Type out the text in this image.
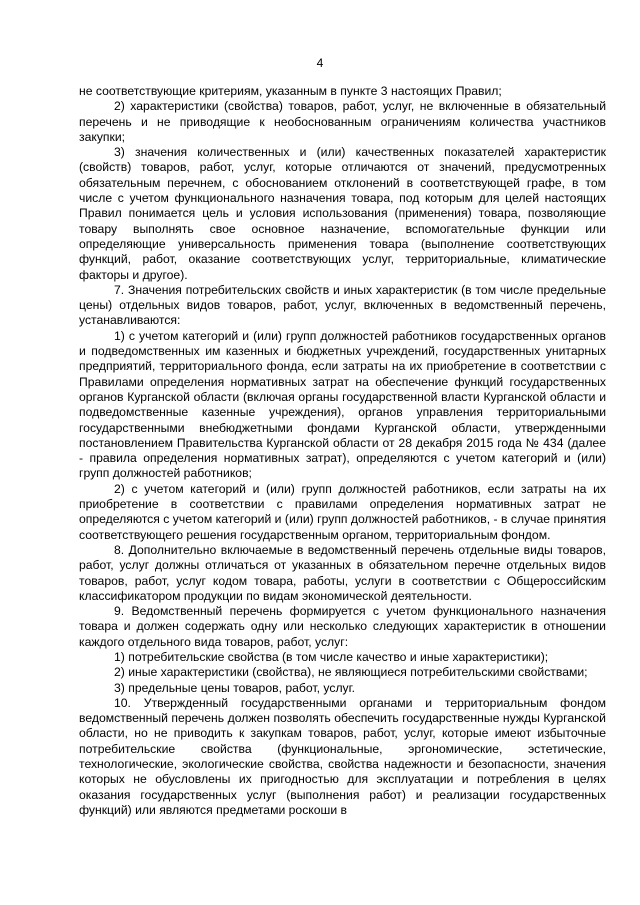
4

не соответствующие критериям, указанным в пункте 3 настоящих Правил;

2) характеристики (свойства) товаров, работ, услуг, не включенные в обязательный перечень и не приводящие к необоснованным ограничениям количества участников закупки;

3) значения количественных и (или) качественных показателей характеристик (свойств) товаров, работ, услуг, которые отличаются от значений, предусмотренных обязательным перечнем, с обоснованием отклонений в соответствующей графе, в том числе с учетом функционального назначения товара, под которым для целей настоящих Правил понимается цель и условия использования (применения) товара, позволяющие товару выполнять свое основное назначение, вспомогательные функции или определяющие универсальность применения товара (выполнение соответствующих функций, работ, оказание соответствующих услуг, территориальные, климатические факторы и другое).

7. Значения потребительских свойств и иных характеристик (в том числе предельные цены) отдельных видов товаров, работ, услуг, включенных в ведомственный перечень, устанавливаются:

1) с учетом категорий и (или) групп должностей работников государственных органов и подведомственных им казенных и бюджетных учреждений, государственных унитарных предприятий, территориального фонда, если затраты на их приобретение в соответствии с Правилами определения нормативных затрат на обеспечение функций государственных органов Курганской области (включая органы государственной власти Курганской области и подведомственные казенные учреждения), органов управления территориальными государственными внебюджетными фондами Курганской области, утвержденными постановлением Правительства Курганской области от 28 декабря 2015 года № 434 (далее - правила определения нормативных затрат), определяются с учетом категорий и (или) групп должностей работников;

2) с учетом категорий и (или) групп должностей работников, если затраты на их приобретение в соответствии с правилами определения нормативных затрат не определяются с учетом категорий и (или) групп должностей работников, - в случае принятия соответствующего решения государственным органом, территориальным фондом.

8. Дополнительно включаемые в ведомственный перечень отдельные виды товаров, работ, услуг должны отличаться от указанных в обязательном перечне отдельных видов товаров, работ, услуг кодом товара, работы, услуги в соответствии с Общероссийским классификатором продукции по видам экономической деятельности.

9. Ведомственный перечень формируется с учетом функционального назначения товара и должен содержать одну или несколько следующих характеристик в отношении каждого отдельного вида товаров, работ, услуг:

1) потребительские свойства (в том числе качество и иные характеристики);

2) иные характеристики (свойства), не являющиеся потребительскими свойствами;

3) предельные цены товаров, работ, услуг.

10. Утвержденный государственными органами и территориальным фондом ведомственный перечень должен позволять обеспечить государственные нужды Курганской области, но не приводить к закупкам товаров, работ, услуг, которые имеют избыточные потребительские свойства (функциональные, эргономические, эстетические, технологические, экологические свойства, свойства надежности и безопасности, значения которых не обусловлены их пригодностью для эксплуатации и потребления в целях оказания государственных услуг (выполнения работ) и реализации государственных функций) или являются предметами роскоши в
